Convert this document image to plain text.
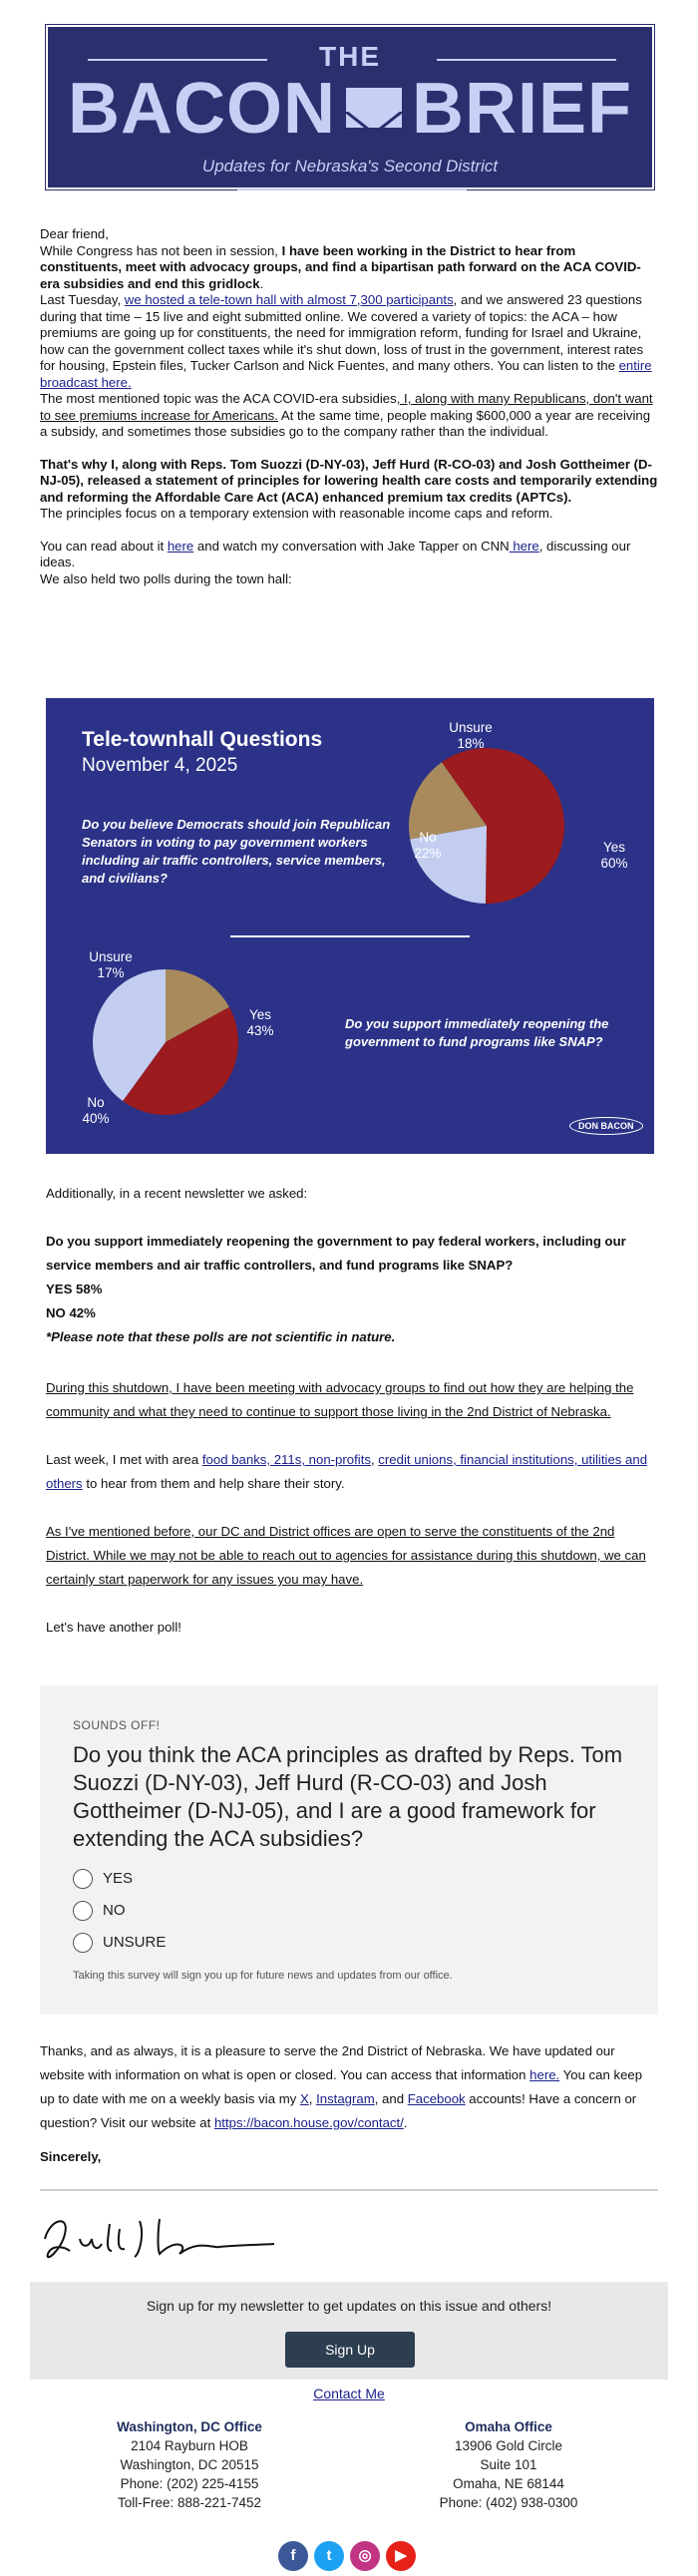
THE
BACON BRIEF
Updates for Nebraska's Second District

Dear friend,

While Congress has not been in session, I have been working in the District to hear from constituents, meet with advocacy groups, and find a bipartisan path forward on the ACA COVID-era subsidies and end this gridlock.

Last Tuesday, we hosted a tele-town hall with almost 7,300 participants, and we answered 23 questions during that time – 15 live and eight submitted online. We covered a variety of topics: the ACA – how premiums are going up for constituents, the need for immigration reform, funding for Israel and Ukraine, how can the government collect taxes while it's shut down, loss of trust in the government, interest rates for housing, Epstein files, Tucker Carlson and Nick Fuentes, and many others. You can listen to the entire broadcast here.

The most mentioned topic was the ACA COVID-era subsidies, I, along with many Republicans, don't want to see premiums increase for Americans. At the same time, people making $600,000 a year are receiving a subsidy, and sometimes those subsidies go to the company rather than the individual.

That's why I, along with Reps. Tom Suozzi (D-NY-03), Jeff Hurd (R-CO-03) and Josh Gottheimer (D-NJ-05), released a statement of principles for lowering health care costs and temporarily extending and reforming the Affordable Care Act (ACA) enhanced premium tax credits (APTCs).

The principles focus on a temporary extension with reasonable income caps and reform.

You can read about it here and watch my conversation with Jake Tapper on CNN here, discussing our ideas.

We also held two polls during the town hall:

Tele-townhall Questions
November 4, 2025
Do you believe Democrats should join Republican Senators in voting to pay government workers including air traffic controllers, service members, and civilians?
Do you support immediately reopening the government to fund programs like SNAP?
Unsure
18%
Yes
60%
No
22%
Unsure
17%
Yes
43%
No
40%	DON BACON

Additionally, in a recent newsletter we asked:

Do you support immediately reopening the government to pay federal workers, including our service members and air traffic controllers, and fund programs like SNAP?

YES 58%

NO 42%

*Please note that these polls are not scientific in nature.

During this shutdown, I have been meeting with advocacy groups to find out how they are helping the community and what they need to continue to support those living in the 2nd District of Nebraska.

Last week, I met with area food banks, 211s, non-profits, credit unions, financial institutions, utilities and others to hear from them and help share their story.

As I've mentioned before, our DC and District offices are open to serve the constituents of the 2nd District. While we may not be able to reach out to agencies for assistance during this shutdown, we can certainly start paperwork for any issues you may have.

Let's have another poll!

SOUNDS OFF!
Do you think the ACA principles as drafted by Reps. Tom Suozzi (D-NY-03), Jeff Hurd (R-CO-03) and Josh Gottheimer (D-NJ-05), and I are a good framework for extending the ACA subsidies?
YES
NO
UNSURE
Taking this survey will sign you up for future news and updates from our office.

Thanks, and as always, it is a pleasure to serve the 2nd District of Nebraska. We have updated our website with information on what is open or closed. You can access that information here. You can keep up to date with me on a weekly basis via my X, Instagram, and Facebook accounts! Have a concern or question? Visit our website at https://bacon.house.gov/contact/.

Sincerely,

Sign up for my newsletter to get updates on this issue and others!
Sign Up
Contact Me
Washington, DC Office
2104 Rayburn HOB
Washington, DC 20515
Phone: (202) 225-4155
Toll-Free: 888-221-7452
Omaha Office
13906 Gold Circle
Suite 101
Omaha, NE 68144
Phone: (402) 938-0300
f	t	◎	▶
